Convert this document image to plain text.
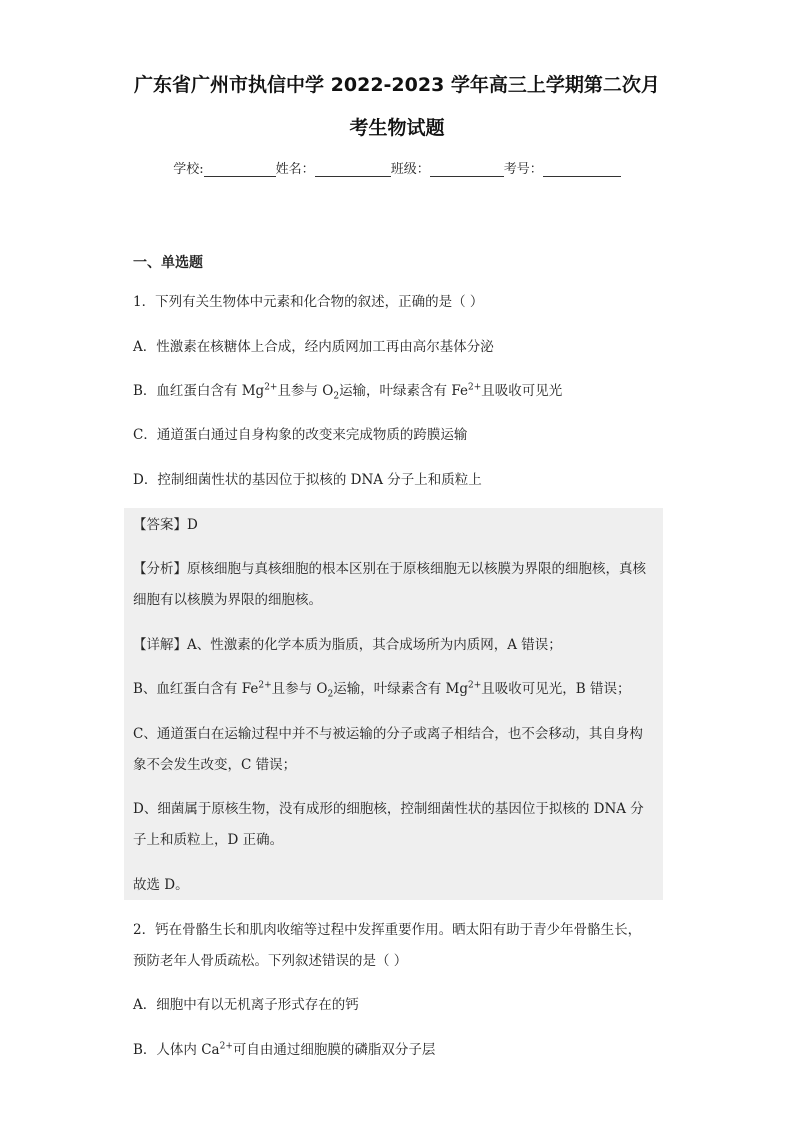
广东省广州市执信中学 2022-2023 学年高三上学期第二次月
考生物试题
学校:	姓名：	班级：	考号：
一、单选题
1．下列有关生物体中元素和化合物的叙述，正确的是（ ）
A．性激素在核糖体上合成，经内质网加工再由高尔基体分泌
B．血红蛋白含有 $Mg^{2+}$且参与 $O_2$运输，叶绿素含有 $Fe^{2+}$且吸收可见光
C．通道蛋白通过自身构象的改变来完成物质的跨膜运输
D．控制细菌性状的基因位于拟核的 DNA 分子上和质粒上
【答案】D
【分析】原核细胞与真核细胞的根本区别在于原核细胞无以核膜为界限的细胞核，真核
细胞有以核膜为界限的细胞核。
【详解】A、性激素的化学本质为脂质，其合成场所为内质网，A 错误；
B、血红蛋白含有 $Fe^{2+}$且参与 $O_2$运输，叶绿素含有 $Mg^{2+}$且吸收可见光，B 错误；
C、通道蛋白在运输过程中并不与被运输的分子或离子相结合，也不会移动，其自身构
象不会发生改变，C 错误；
D、细菌属于原核生物，没有成形的细胞核，控制细菌性状的基因位于拟核的 DNA 分
子上和质粒上，D 正确。
故选 D。
2．钙在骨骼生长和肌肉收缩等过程中发挥重要作用。晒太阳有助于青少年骨骼生长，
预防老年人骨质疏松。下列叙述错误的是（ ）
A．细胞中有以无机离子形式存在的钙
B．人体内 $Ca^{2+}$可自由通过细胞膜的磷脂双分子层
